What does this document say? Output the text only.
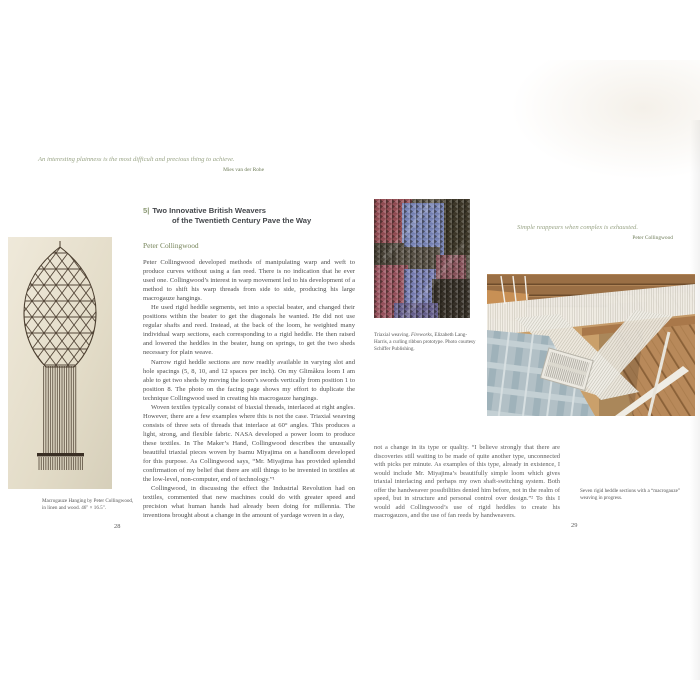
An interesting plainness is the most difficult and precious thing to achieve.
Mies van der Rohe
5| Two Innovative British Weavers
of the Twentieth Century Pave the Way
Peter Collingwood

Peter Collingwood developed methods of manipulating warp and weft to produce curves without using a fan reed. There is no indication that he ever used one. Collingwood’s interest in warp movement led to his development of a method to shift his warp threads from side to side, producing his large macrogauze hangings.

He used rigid heddle segments, set into a special beater, and changed their positions within the beater to get the diagonals he wanted. He did not use regular shafts and reed. Instead, at the back of the loom, he weighted many individual warp sections, each corresponding to a rigid heddle. He then raised and lowered the heddles in the beater, hung on springs, to get the two sheds necessary for plain weave.

Narrow rigid heddle sections are now readily available in varying slot and hole spacings (5, 8, 10, and 12 spaces per inch). On my Glimåkra loom I am able to get two sheds by moving the loom’s swords vertically from position 1 to position 8. The photo on the facing page shows my effort to duplicate the technique Collingwood used in creating his macrogauze hangings.

Woven textiles typically consist of biaxial threads, interlaced at right angles. However, there are a few examples where this is not the case. Triaxial weaving consists of three sets of threads that interlace at 60° angles. This produces a light, strong, and flexible fabric. NASA developed a power loom to produce these textiles. In The Maker’s Hand, Collingwood describes the unusually beautiful triaxial pieces woven by Isamu Miyajima on a handloom developed for this purpose. As Collingwood says, “Mr. Miyajima has provided splendid confirmation of my belief that there are still things to be invented in textiles at the low-level, non-computer, end of technology.”¹

Collingwood, in discussing the effect the Industrial Revolution had on textiles, commented that new machines could do with greater speed and precision what human hands had already been doing for millennia. The inventions brought about a change in the amount of yardage woven in a day,

Macrogauze Hanging by Peter Collingwood, in linen and wood. 46" × 16.5".
28
Triaxial weaving. Fireworks, Elizabeth Lang-Harris, a curling ribbon prototype. Photo courtesy Schiffer Publishing.
Simple reappears when complex is exhausted.
Peter Collingwood
not a change in its type or quality. “I believe strongly that there are discoveries still waiting to be made of quite another type, unconnected with picks per minute. As examples of this type, already in existence, I would include Mr. Miyajima’s beautifully simple loom which gives triaxial interlacing and perhaps my own shaft-switching system. Both offer the handweaver possibilities denied him before, not in the realm of speed, but in structure and personal control over design.”² To this I would add Collingwood’s use of rigid heddles to create his macrogauzes, and the use of fan reeds by handweavers.
Seven rigid heddle sections with a “macrogauze” weaving in progress.
29
